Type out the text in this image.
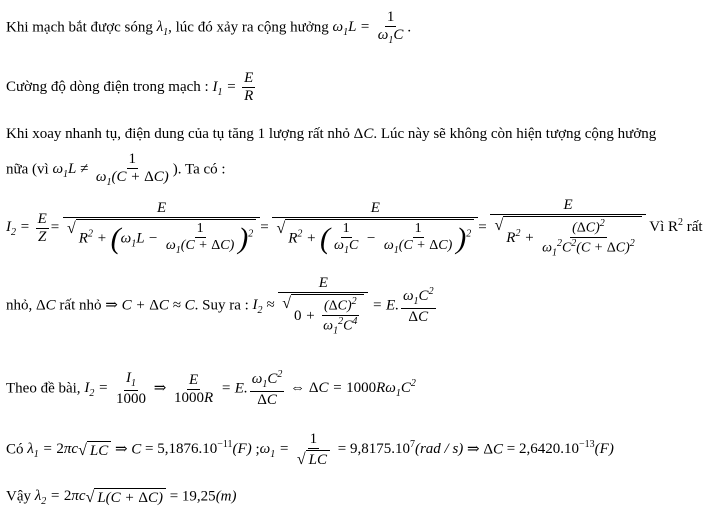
Khi mạch bắt được sóng $\lambda_1$, lúc đó xảy ra cộng hưởng $\omega_1L = \frac{1}{\omega_1C}$ .
Cường độ dòng điện trong mạch : $I_1 = \frac{E}{R}$
Khi xoay nhanh tụ, điện dung của tụ tăng 1 lượng rất nhỏ ΔC. Lúc này sẽ không còn hiện tượng cộng hưởng
nữa (vì $\omega_1L \ne \frac{1}{\omega_1(C + \Delta C)}$ ). Ta có :
$I_2 = \frac{E}{Z} = E$
√
$R^2 + (\omega_1L - \frac{1}{\omega_1(C + \Delta C)} )^2 = E$
√
$R^2$ + ( $\frac{1}{\omega_1C} - \frac{1}{\omega_1(C + \Delta C)} )^2 = E$
√
$R^2 + \frac{(\Delta C)^2}{\omega_1^2C^2(C + \Delta C)^2}$ Vì $R^2$ rất
nhỏ, ΔC rất nhỏ ⇒ C + ΔC ≈ C. Suy ra : $I_2 \approx E$
√
$0 + \frac{(\Delta C)^2}{\omega_1^2C^4} = E$. $\frac{\omega_1C^2}{\Delta C}$
Theo đề bài, $I_2 = \frac{I_1}{1000}$ ⇒ $\frac{E}{1000R} = E$. $\frac{\omega_1C^2}{\Delta C}$ ⇔ $\Delta C = 1000R\omega_1C^2$
Có $\lambda_1 = 2\pi c$ √ LC ⇒ $C = 5,1876.10^{-11}(F)$ $;\omega_1 = \frac{1}{√ LC} = 9,8175.10^7(rad / s)$ ⇒ $\Delta C = 2,6420.10^{-13}(F)$
Vậy $\lambda_2 = 2\pi c$ √ L(C + ΔC) = 19,25(m)
